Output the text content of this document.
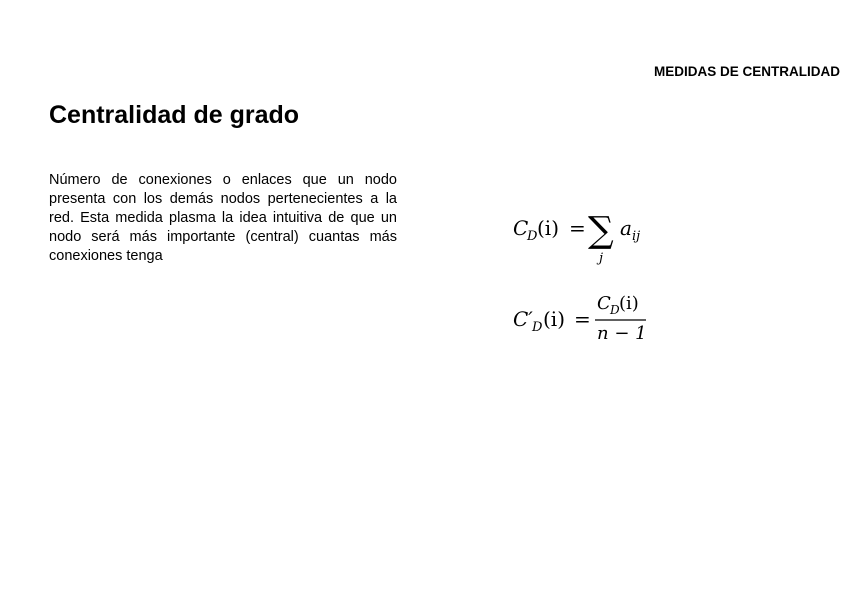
MEDIDAS DE CENTRALIDAD
Centralidad de grado
Número de conexiones o enlaces que un nodo presenta con los demás nodos pertenecientes a la red. Esta medida plasma la idea intuitiva de que un nodo será más importante (central) cuantas más conexiones tenga
C
D (i) = ∑
j
a ij
C′ D (i) =
C D (i)
n − 1
